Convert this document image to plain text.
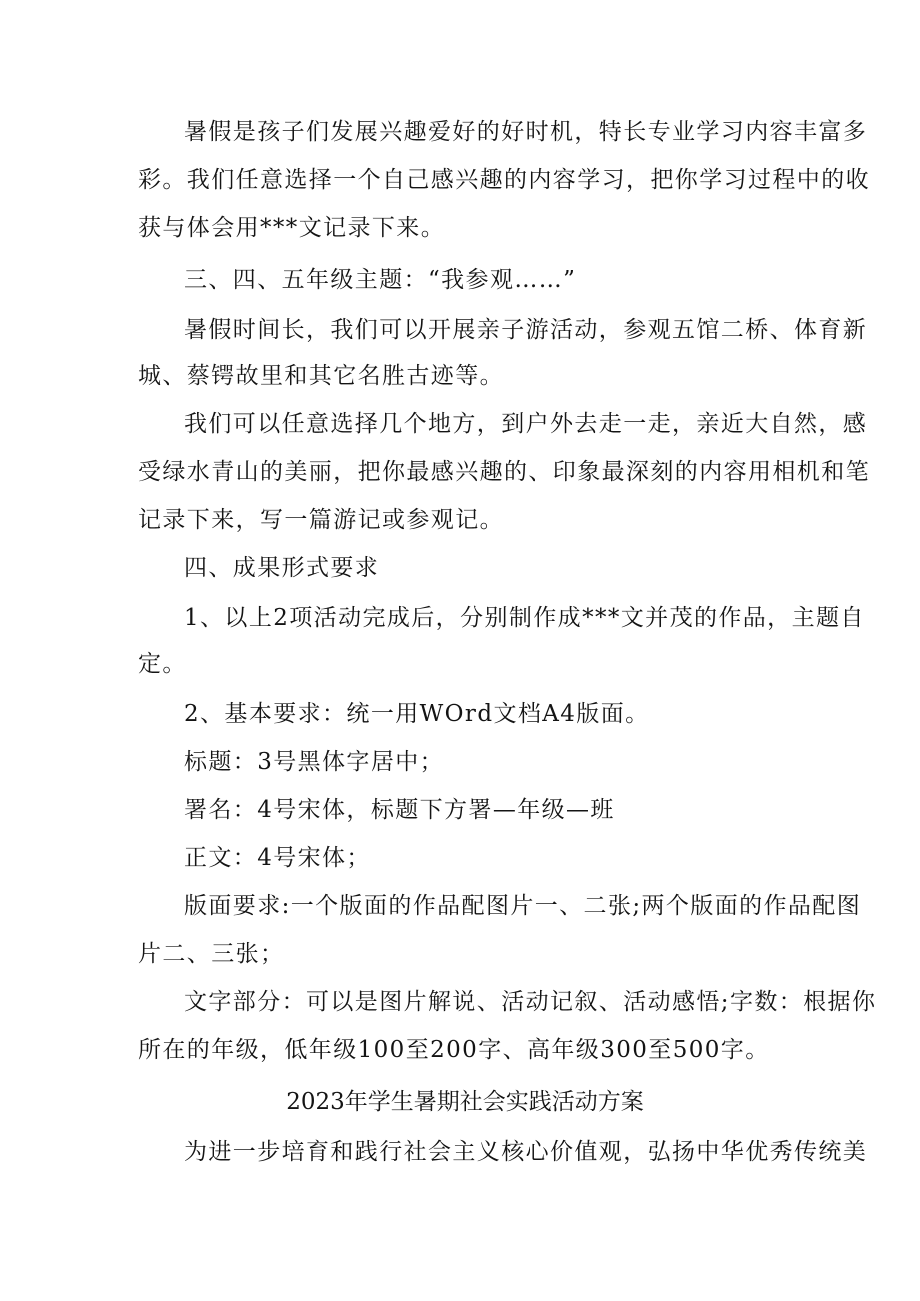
暑假是孩子们发展兴趣爱好的好时机，特长专业学习内容丰富多
彩。我们任意选择一个自己感兴趣的内容学习，把你学习过程中的收
获与体会用***文记录下来。
三、四、五年级主题：“我参观……”
暑假时间长，我们可以开展亲子游活动，参观五馆二桥、体育新
城、蔡锷故里和其它名胜古迹等。
我们可以任意选择几个地方，到户外去走一走，亲近大自然，感
受绿水青山的美丽，把你最感兴趣的、印象最深刻的内容用相机和笔
记录下来，写一篇游记或参观记。
四、成果形式要求
1、以上2项活动完成后，分别制作成***文并茂的作品，主题自
定。
2、基本要求：统一用WOrd文档A4版面。
标题：3号黑体字居中；
署名：4号宋体，标题下方署—年级—班
正文：4号宋体；
版面要求:一个版面的作品配图片一、二张;两个版面的作品配图
片二、三张；
文字部分：可以是图片解说、活动记叙、活动感悟;字数：根据你
所在的年级，低年级100至200字、高年级300至500字。
2023年学生暑期社会实践活动方案
为进一步培育和践行社会主义核心价值观，弘扬中华优秀传统美
